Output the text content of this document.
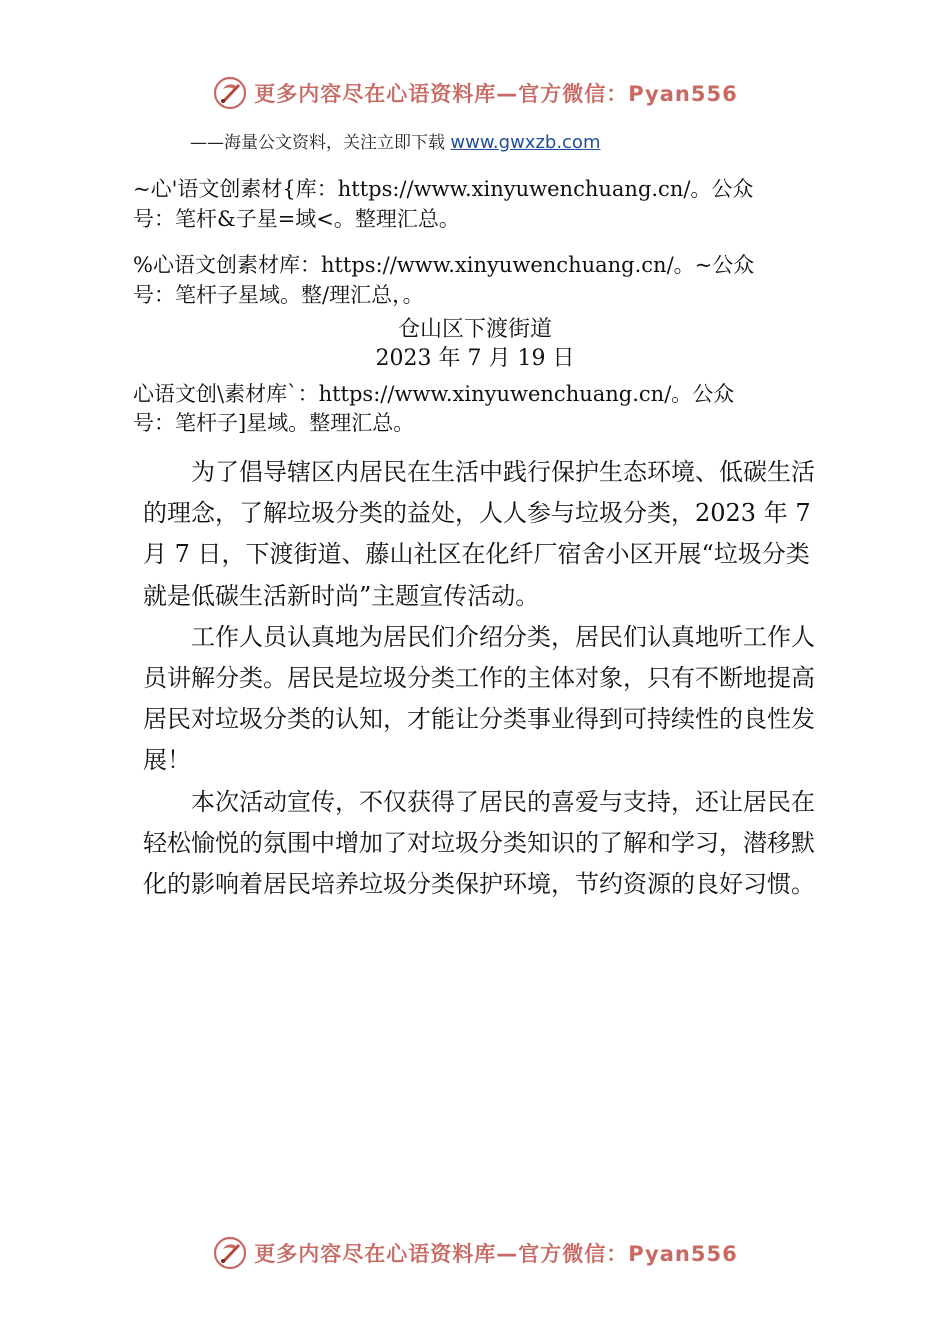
更多内容尽在心语资料库—官方微信：Pyan556
——海量公文资料，关注立即下载 www.gwxzb.com

~心'语文创素材{库：https://www.xinyuwenchuang.cn/。公众

号：笔杆&子星=域<。整理汇总。

%心语文创素材库：https://www.xinyuwenchuang.cn/。~公众

号：笔杆子星域。整/理汇总，。

仓山区下渡街道

2023 年 7 月 19 日

心语文创\素材库`：https://www.xinyuwenchuang.cn/。公众

号：笔杆子]星域。整理汇总。

为了倡导辖区内居民在生活中践行保护生态环境、低碳生活的理念，了解垃圾分类的益处，人人参与垃圾分类，2023 年 7 月 7 日，下渡街道、藤山社区在化纤厂宿舍小区开展“垃圾分类就是低碳生活新时尚”主题宣传活动。

工作人员认真地为居民们介绍分类，居民们认真地听工作人员讲解分类。居民是垃圾分类工作的主体对象，只有不断地提高居民对垃圾分类的认知，才能让分类事业得到可持续性的良性发展！

本次活动宣传，不仅获得了居民的喜爱与支持，还让居民在轻松愉悦的氛围中增加了对垃圾分类知识的了解和学习，潜移默化的影响着居民培养垃圾分类保护环境，节约资源的良好习惯。

更多内容尽在心语资料库—官方微信：Pyan556
